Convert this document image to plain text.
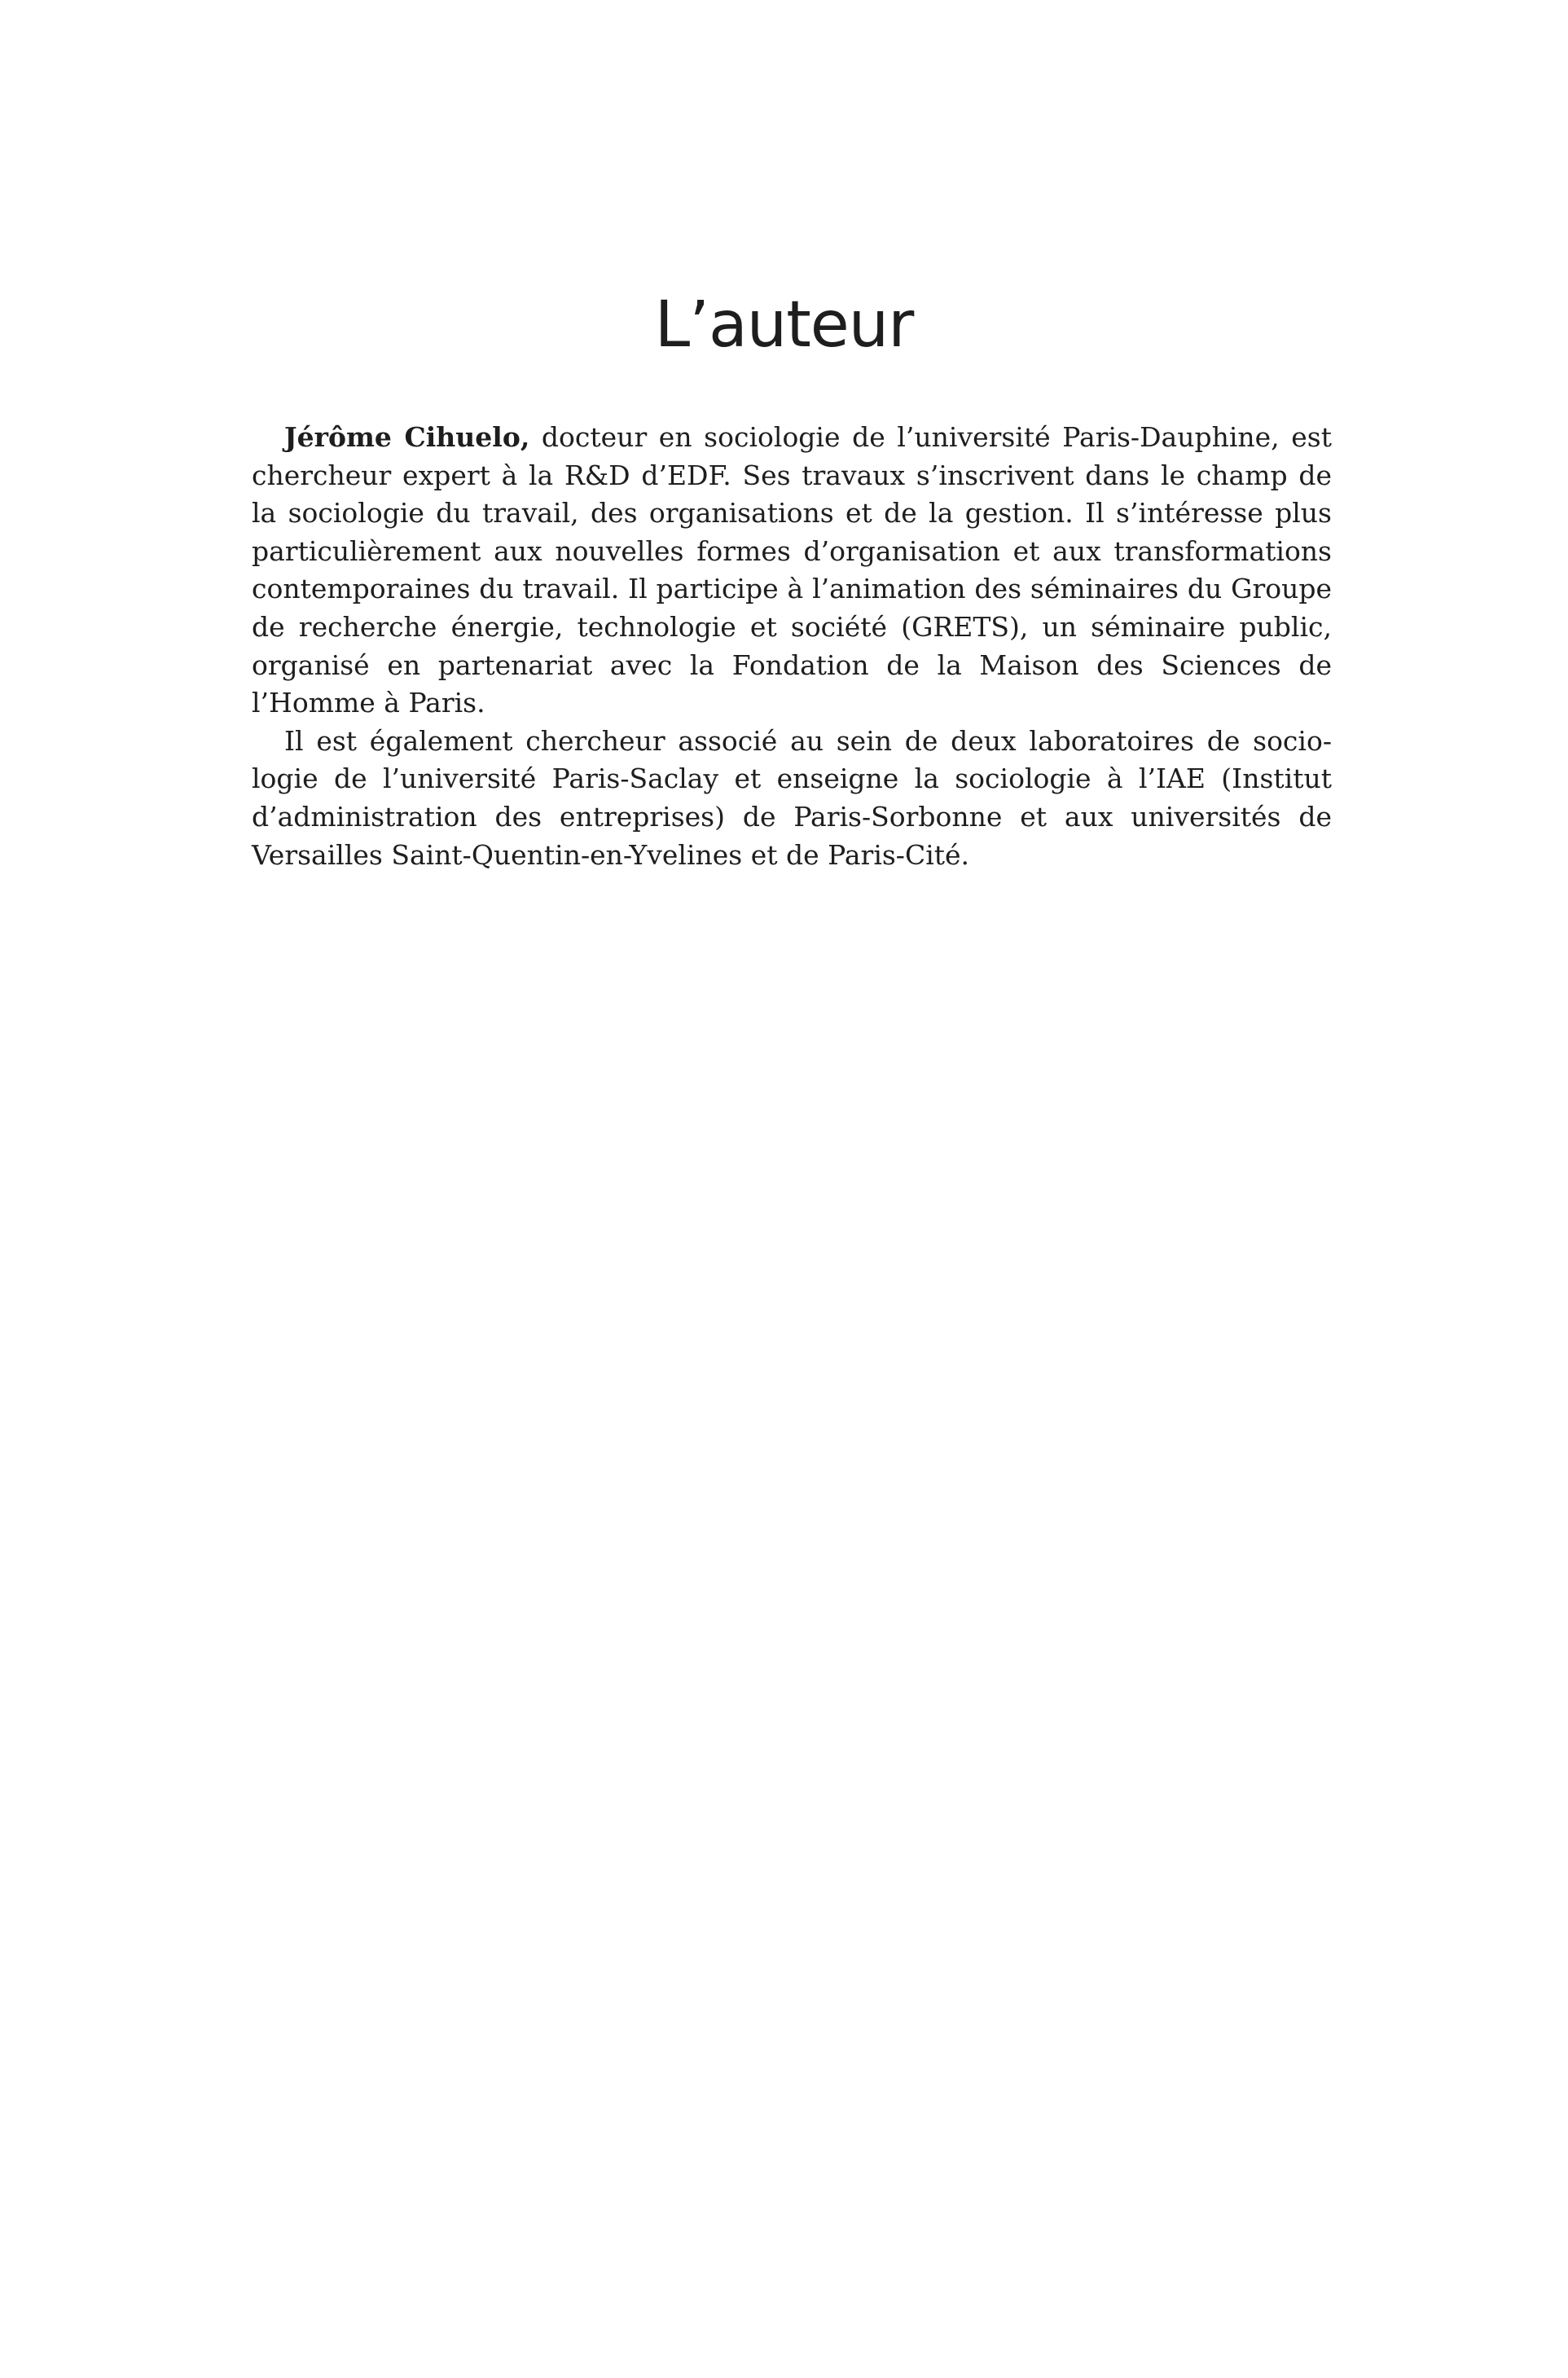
L’auteur

Jérôme Cihuelo, docteur en sociologie de l’université Paris-Dauphine, est chercheur expert à la R&D d’EDF. Ses travaux s’inscrivent dans le champ de la sociologie du travail, des organisations et de la gestion. Il s’intéresse plus particulièrement aux nouvelles formes d’organisation et aux transformations contemporaines du travail. Il participe à l’animation des séminaires du Groupe de recherche énergie, technologie et société (GRETS), un séminaire public, organisé en partenariat avec la Fondation de la Maison des Sciences de l’Homme à Paris.

Il est également chercheur associé au sein de deux laboratoires de sociologie de l’université Paris-Saclay et enseigne la sociologie à l’IAE (Institut d’administration des entreprises) de Paris-Sorbonne et aux universités de Versailles Saint-Quentin-en-Yvelines et de Paris-Cité.
